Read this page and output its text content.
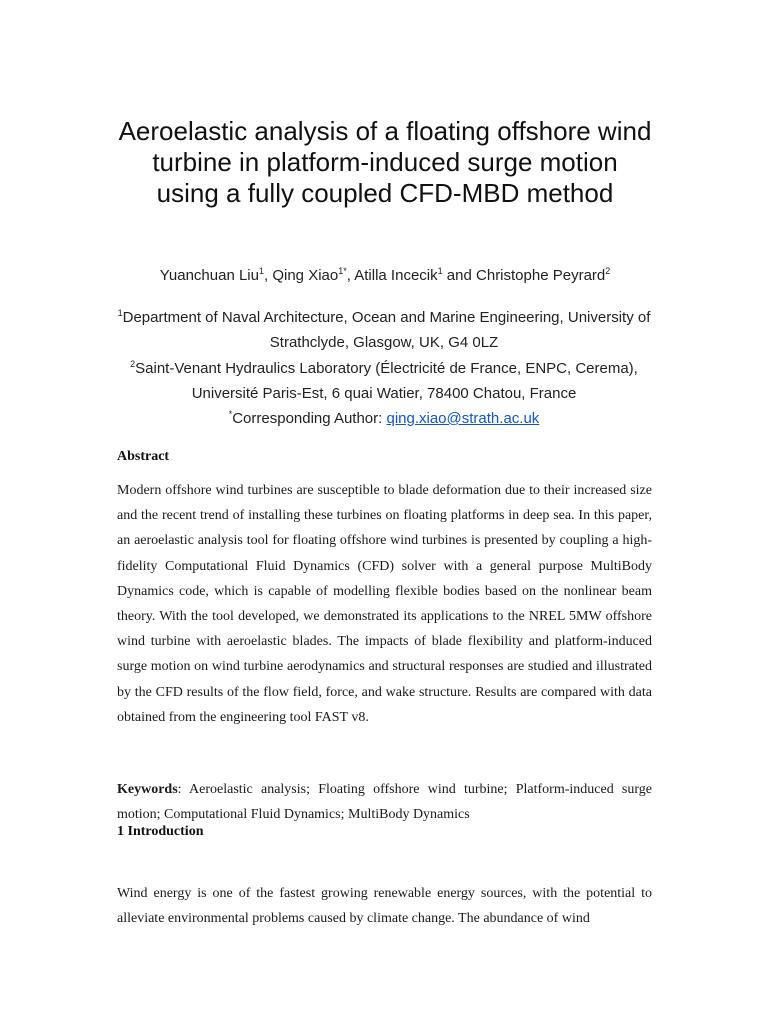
Aeroelastic analysis of a floating offshore wind turbine in platform-induced surge motion using a fully coupled CFD-MBD method
Yuanchuan Liu$^1$, Qing Xiao$^{1*}$, Atilla Incecik$^1$ and Christophe Peyrard$^2$
$^1$Department of Naval Architecture, Ocean and Marine Engineering, University of Strathclyde, Glasgow, UK, G4 0LZ
$^2$Saint-Venant Hydraulics Laboratory (Électricité de France, ENPC, Cerema), Université Paris-Est, 6 quai Watier, 78400 Chatou, France
*Corresponding Author: qing.xiao@strath.ac.uk
Abstract
Modern offshore wind turbines are susceptible to blade deformation due to their increased size and the recent trend of installing these turbines on floating platforms in deep sea. In this paper, an aeroelastic analysis tool for floating offshore wind turbines is presented by coupling a high-fidelity Computational Fluid Dynamics (CFD) solver with a general purpose MultiBody Dynamics code, which is capable of modelling flexible bodies based on the nonlinear beam theory. With the tool developed, we demonstrated its applications to the NREL 5MW offshore wind turbine with aeroelastic blades. The impacts of blade flexibility and platform-induced surge motion on wind turbine aerodynamics and structural responses are studied and illustrated by the CFD results of the flow field, force, and wake structure. Results are compared with data obtained from the engineering tool FAST v8.
Keywords: Aeroelastic analysis; Floating offshore wind turbine; Platform-induced surge motion; Computational Fluid Dynamics; MultiBody Dynamics
1 Introduction
Wind energy is one of the fastest growing renewable energy sources, with the potential to alleviate environmental problems caused by climate change. The abundance of wind
